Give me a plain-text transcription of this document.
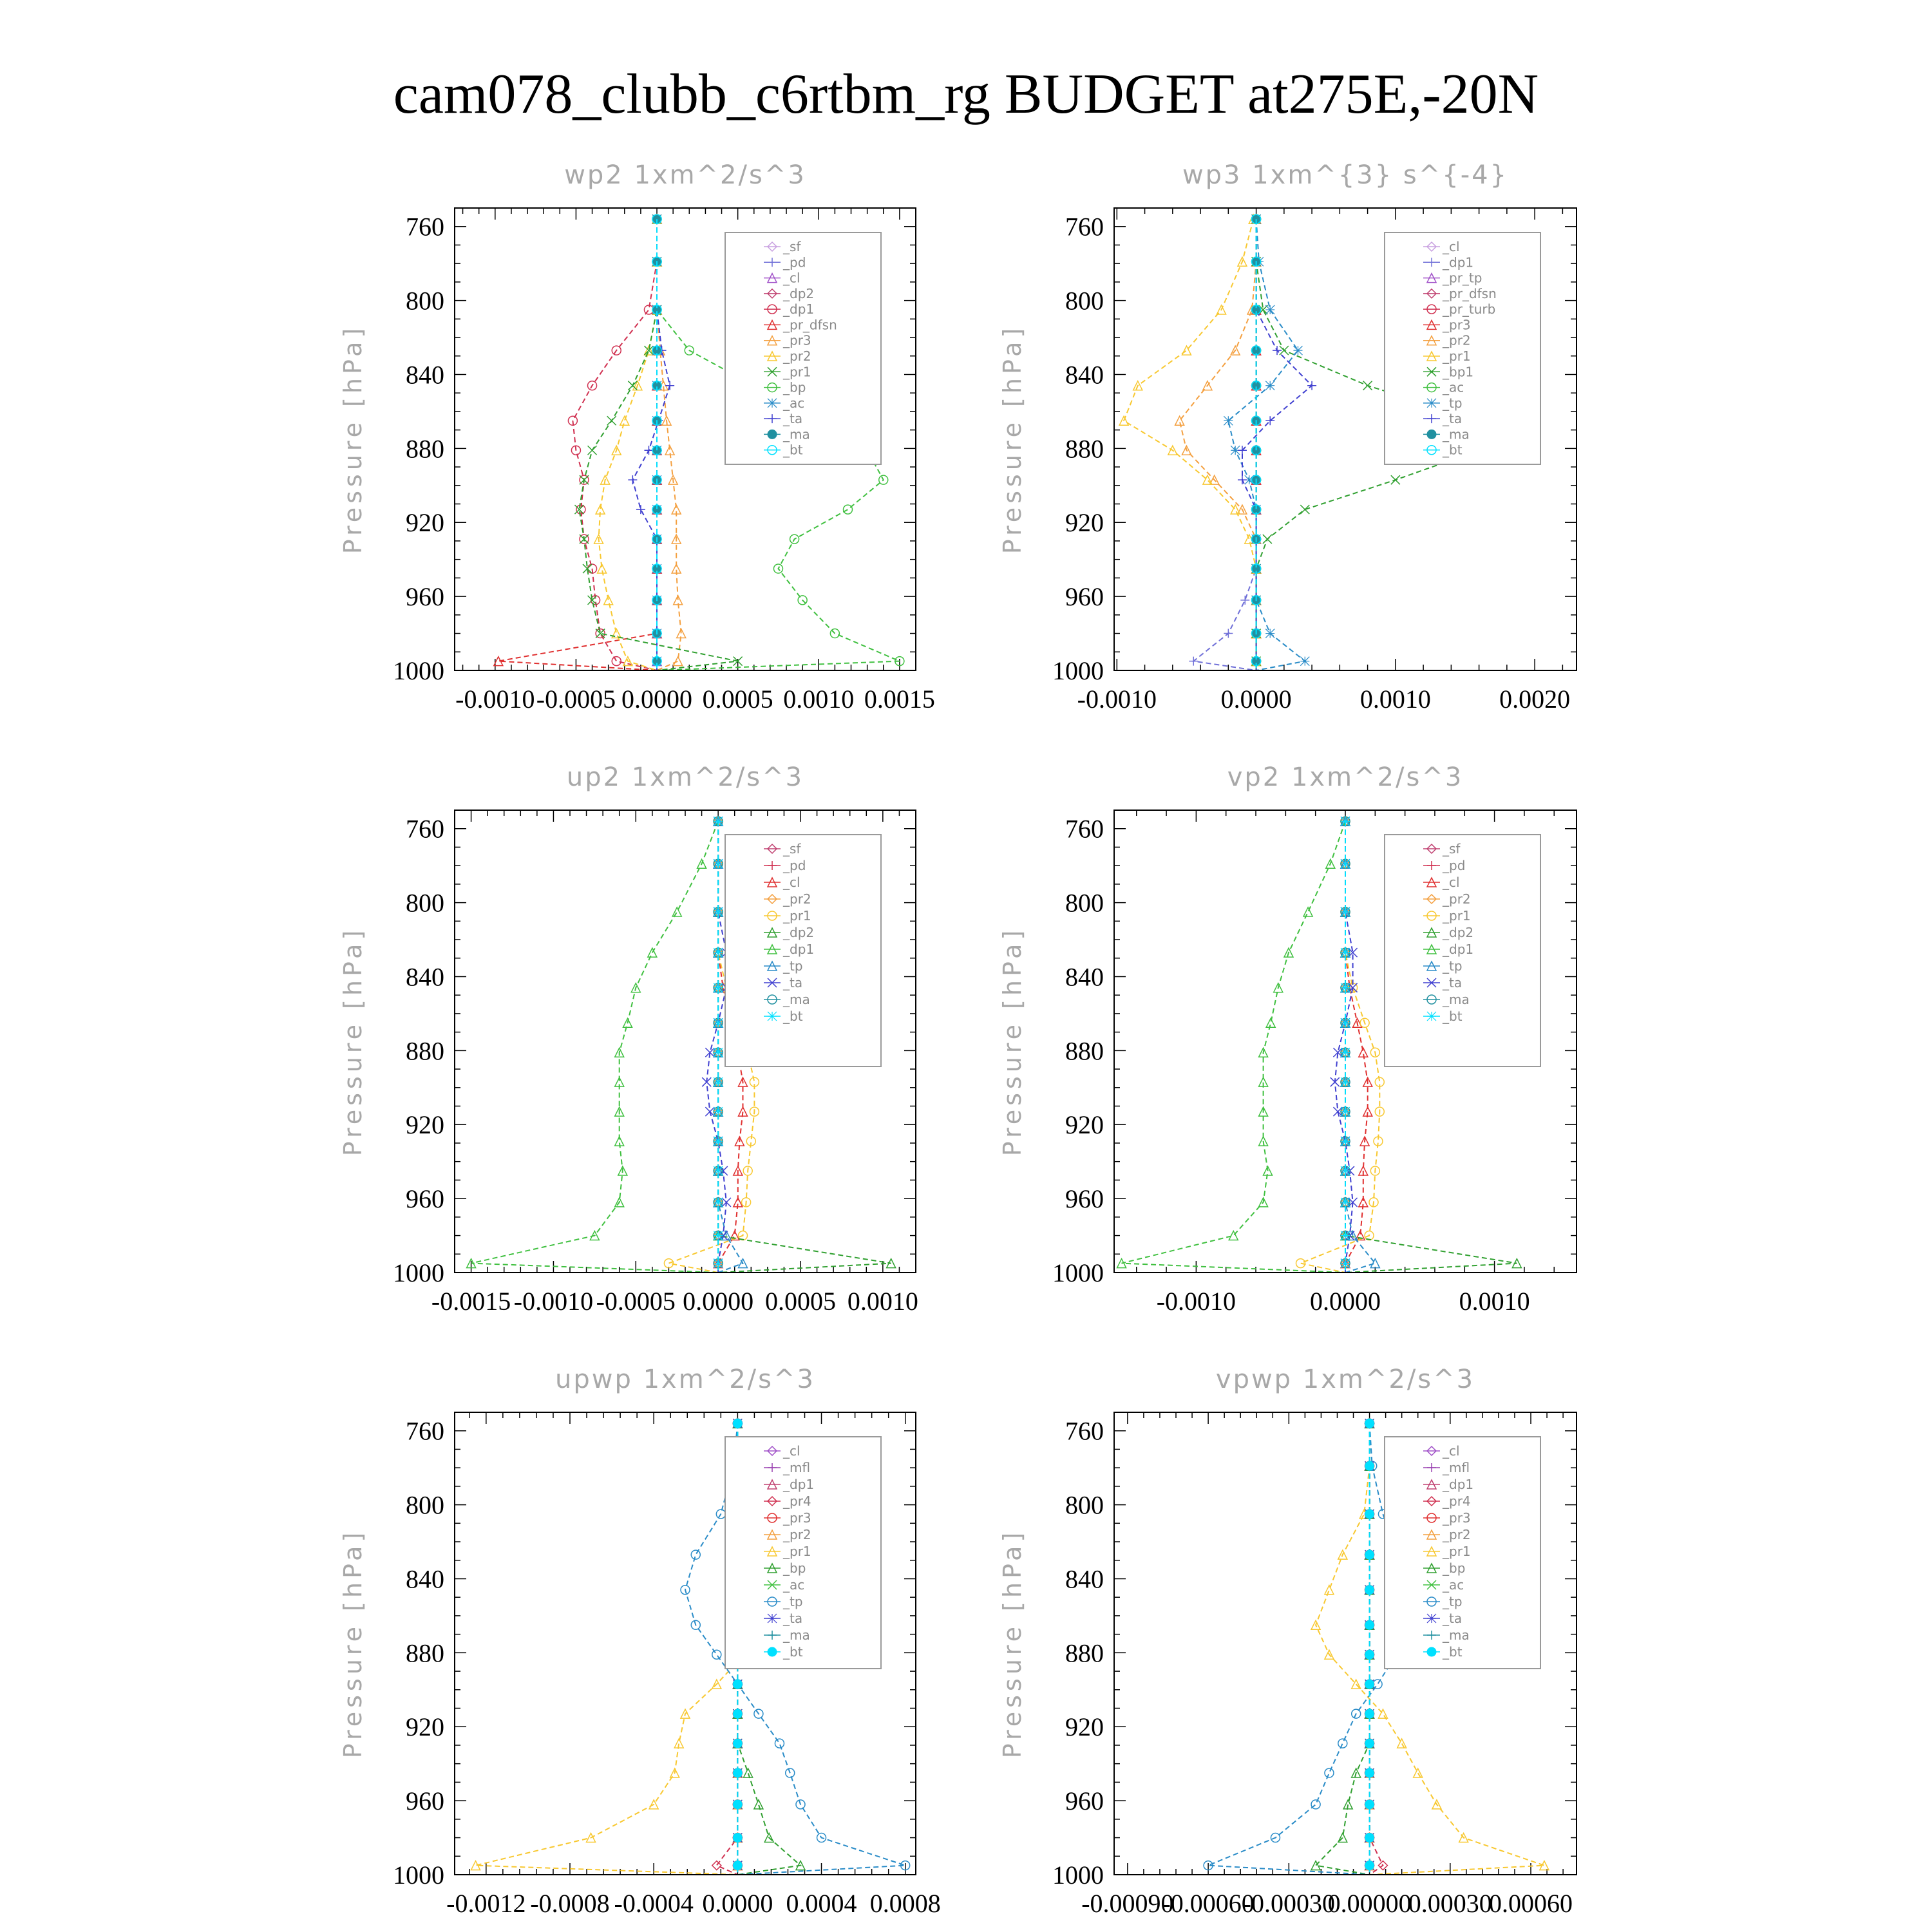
cam078_clubb_c6rtbm_rg BUDGET at275E,-20N
wp2 1xm^2/s^3
Pressure [hPa]
760
800
840
880
920
960
1000
-0.0010 -0.0005 0.0000 0.0005 0.0010 0.0015
_sf
_pd
_cl
_dp2
_dp1
_pr_dfsn
_pr3
_pr2
_pr1
_bp
_ac
_ta
_ma
_bt
wp3 1xm^{3} s^{-4}
Pressure [hPa]
760
800
840
880
920
960
1000
-0.0010 0.0000	0.0010	0.0020
_cl
_dp1
_pr_tp
_pr_dfsn
_pr_turb
_pr3
_pr2
_pr1
_bp1
_ac
_tp
_ta
_ma
_bt
up2 1xm^2/s^3
Pressure [hPa]
760
800
840
880
920
960
1000
-0.0015 -0.0010 -0.0005 0.0000 0.0005 0.0010
_sf
_pd
_cl
_pr2
_pr1
_dp2
_dp1
_tp
_ta
_ma
_bt
vp2 1xm^2/s^3
Pressure [hPa]
760
800
840
880
920
960
1000
-0.0010	0.0000	0.0010
_sf
_pd
_cl
_pr2
_pr1
_dp2
_dp1
_tp
_ta
_ma
_bt
upwp 1xm^2/s^3
Pressure [hPa]
760
800
840
880
920
960
1000
-0.0012 -0.0008 -0.0004 0.0000 0.0004 0.0008
_cl
_mfl
_dp1
_pr4
_pr3
_pr2
_pr1
_bp
_ac
_tp
_ta
_ma
_bt
vpwp 1xm^2/s^3
Pressure [hPa]
760
800
840
880
920
960
1000
-0.00090
-0.00060
-0.00030
0.00000
0.00030
0.00060
_cl
_mfl
_dp1
_pr4
_pr3
_pr2
_pr1
_bp
_ac
_tp
_ta
_ma
_bt
